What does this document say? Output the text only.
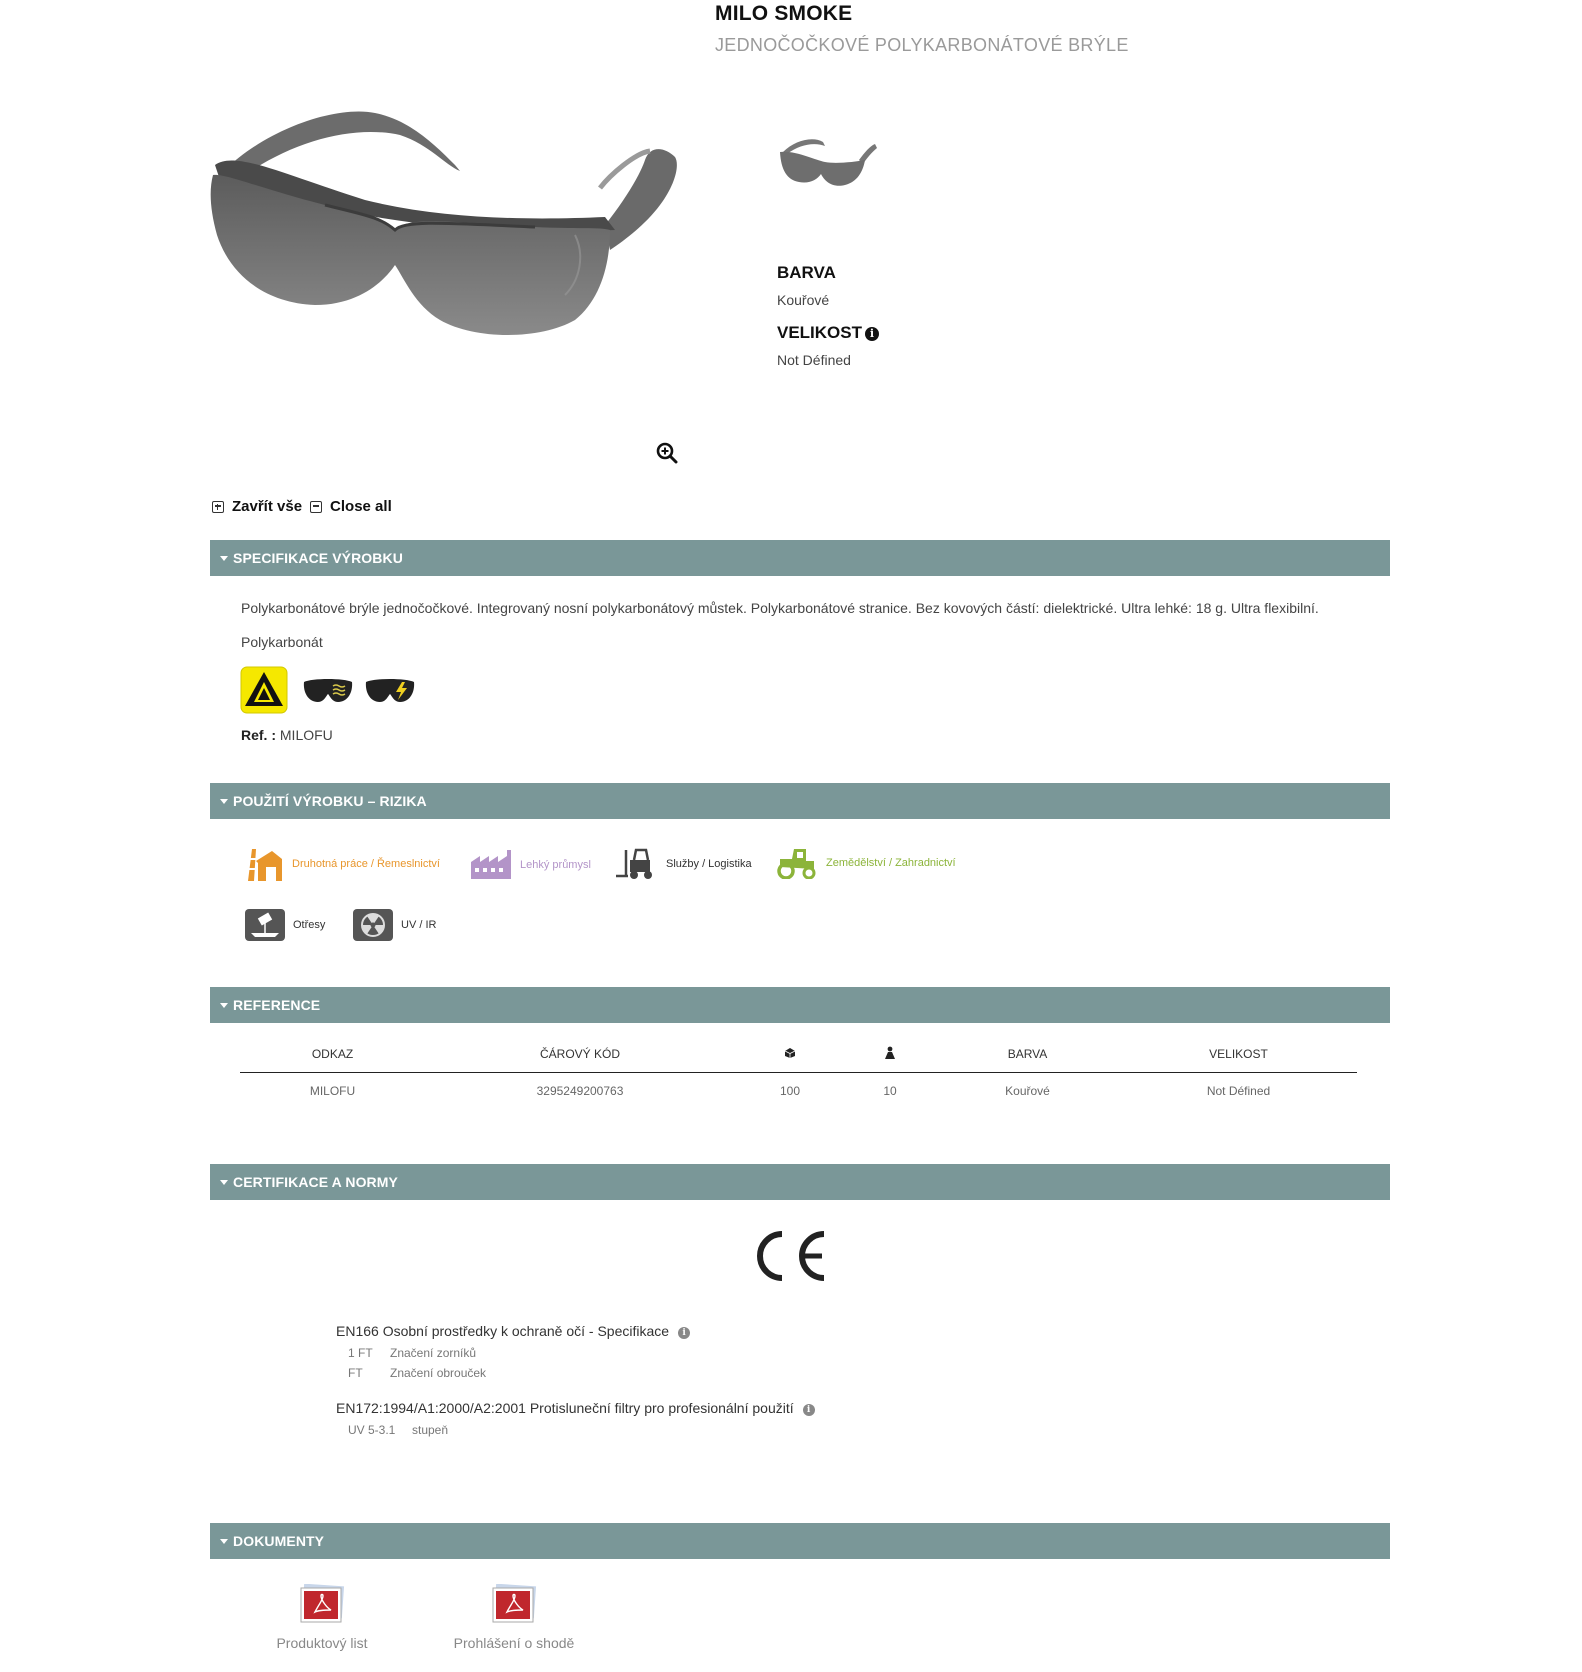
MILO SMOKE
JEDNOČOČKOVÉ POLYKARBONÁTOVÉ BRÝLE
BARVA
Kouřové
VELIKOST i
Not Défined
Zavřít vše Close all
SPECIFIKACE VÝROBKU
Polykarbonátové brýle jednočočkové. Integrovaný nosní polykarbonátový můstek. Polykarbonátové stranice. Bez kovových částí: dielektrické. Ultra lehké: 18 g. Ultra flexibilní.
Polykarbonát
Ref. : MILOFU
POUŽITÍ VÝROBKU – RIZIKA
Druhotná práce / Řemeslnictví	Lehký průmysl	Služby / Logistika	Zemědělství / Zahradnictví
Otřesy	UV / IR
REFERENCE
ODKAZ	ČÁROVÝ KÓD			BARVA	VELIKOST
MILOFU	3295249200763	100	10	Kouřové	Not Défined
CERTIFIKACE A NORMY
EN166 Osobní prostředky k ochraně očí - Specifikace i
1 FT Značení zorníků
FT Značení obrouček
EN172:1994/A1:2000/A2:2001 Protisluneční filtry pro profesionální použití i
UV 5-3.1 stupeň
DOKUMENTY
Produktový list	Prohlášení o shodě
